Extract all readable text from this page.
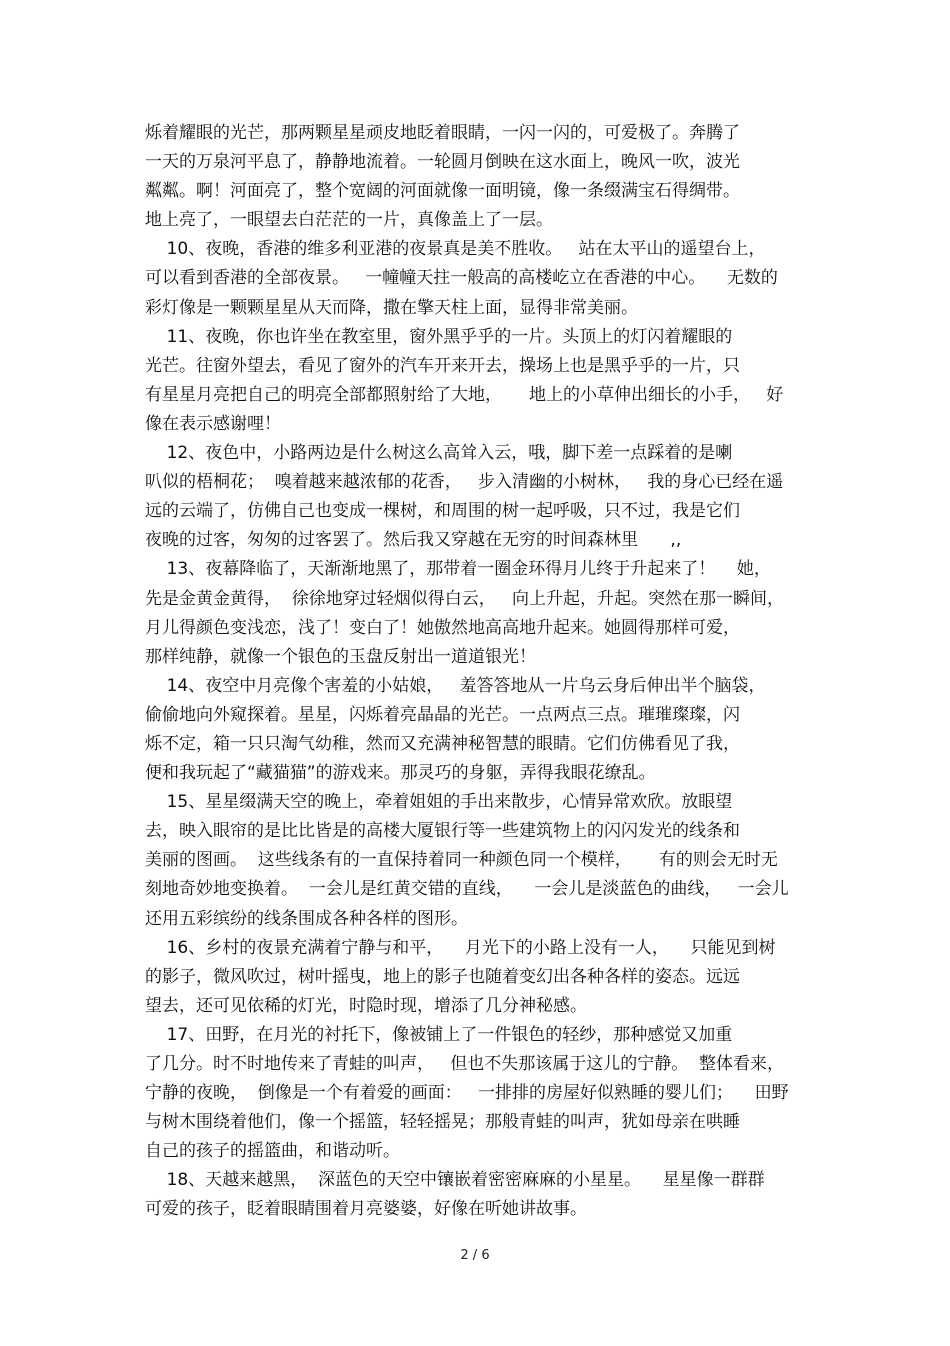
烁着耀眼的光芒，那两颗星星顽皮地眨着眼睛，一闪一闪的，可爱极了。奔腾了
一天的万泉河平息了，静静地流着。一轮圆月倒映在这水面上，晚风一吹，波光
粼粼。啊！河面亮了，整个宽阔的河面就像一面明镜，像一条缀满宝石得绸带。
地上亮了，一眼望去白茫茫的一片，真像盖上了一层。
10、夜晚，香港的维多利亚港的夜景真是美不胜收。   站在太平山的遥望台上，
可以看到香港的全部夜景。   一幢幢天拄一般高的高楼屹立在香港的中心。    无数的
彩灯像是一颗颗星星从天而降，撒在擎天柱上面，显得非常美丽。
11、夜晚，你也许坐在教室里，窗外黑乎乎的一片。头顶上的灯闪着耀眼的
光芒。往窗外望去，看见了窗外的汽车开来开去，操场上也是黑乎乎的一片，只
有星星月亮把自己的明亮全部都照射给了大地，     地上的小草伸出细长的小手，   好
像在表示感谢哩！
12、夜色中，小路两边是什么树这么高耸入云，哦，脚下差一点踩着的是喇
叭似的梧桐花；  嗅着越来越浓郁的花香，   步入清幽的小树林，   我的身心已经在遥
远的云端了，仿佛自己也变成一棵树，和周围的树一起呼吸，只不过，我是它们
夜晚的过客，匆匆的过客罢了。然后我又穿越在无穷的时间森林里      ,,
13、夜幕降临了，天渐渐地黑了，那带着一圈金环得月儿终于升起来了！    她，
先是金黄金黄得，  徐徐地穿过轻烟似得白云，   向上升起，升起。突然在那一瞬间，
月儿得颜色变浅恋，浅了！变白了！她傲然地高高地升起来。她圆得那样可爱，
那样纯静，就像一个银色的玉盘反射出一道道银光！
14、夜空中月亮像个害羞的小姑娘，   羞答答地从一片乌云身后伸出半个脑袋，
偷偷地向外窥探着。星星，闪烁着亮晶晶的光芒。一点两点三点。璀璀璨璨，闪
烁不定，箱一只只淘气幼稚，然而又充满神秘智慧的眼睛。它们仿佛看见了我，
便和我玩起了“藏猫猫”的游戏来。那灵巧的身躯，弄得我眼花缭乱。
15、星星缀满天空的晚上，牵着姐姐的手出来散步，心情异常欢欣。放眼望
去，映入眼帘的是比比皆是的高楼大厦银行等一些建筑物上的闪闪发光的线条和
美丽的图画。  这些线条有的一直保持着同一种颜色同一个模样，     有的则会无时无
刻地奇妙地变换着。  一会儿是红黄交错的直线，    一会儿是淡蓝色的曲线，   一会儿
还用五彩缤纷的线条围成各种各样的图形。
16、乡村的夜景充满着宁静与和平，    月光下的小路上没有一人，    只能见到树
的影子，微风吹过，树叶摇曳，地上的影子也随着变幻出各种各样的姿态。远远
望去，还可见依稀的灯光，时隐时现，增添了几分神秘感。
17、田野，在月光的衬托下，像被铺上了一件银色的轻纱，那种感觉又加重
了几分。时不时地传来了青蛙的叫声，   但也不失那该属于这儿的宁静。  整体看来，
宁静的夜晚，  倒像是一个有着爱的画面：   一排排的房屋好似熟睡的婴儿们；    田野
与树木围绕着他们，像一个摇篮，轻轻摇晃；那般青蛙的叫声，犹如母亲在哄睡
自己的孩子的摇篮曲，和谐动听。
18、天越来越黑，  深蓝色的天空中镶嵌着密密麻麻的小星星。    星星像一群群
可爱的孩子，眨着眼睛围着月亮婆婆，好像在听她讲故事。
2 / 6
